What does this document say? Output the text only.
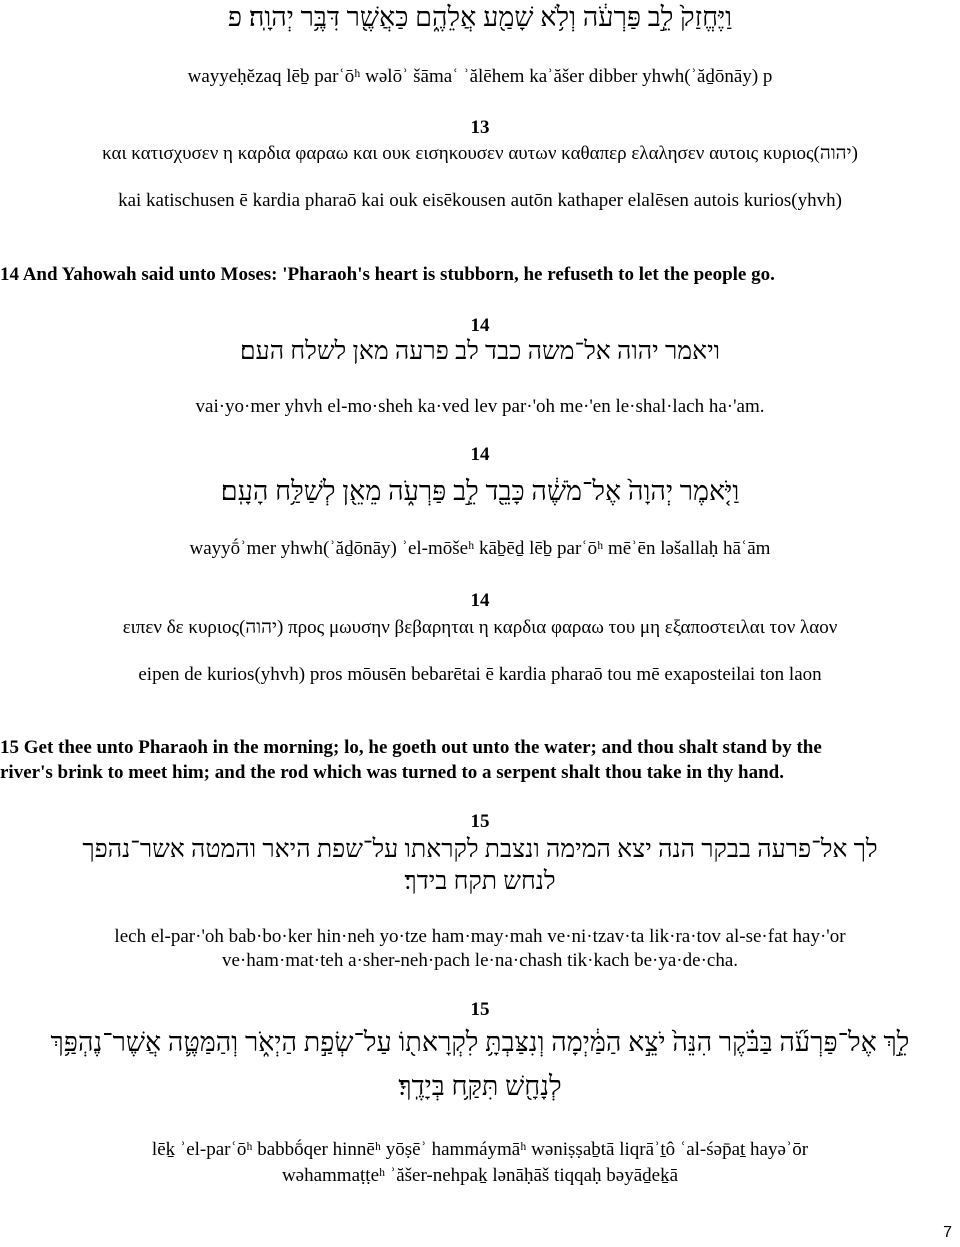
וַיֶּחֱזַק֙ לֵ֣ב פַּרְעֹ֔ה וְלֹ֥א שָׁמַ֖ע אֲלֵהֶ֑ם כַּאֲשֶׁ֖ר דִּבֶּ֥ר יְהוָֽה׃ פ
wayyeḥĕzaq lēḇ parʿōʰ wəlōʾ šāmaʿ ʾălēhem kaʾăšer dibber yhwh(ʾăḏōnāy) p
13
και κατισχυσεν η καρδια φαραω και ουκ εισηκουσεν αυτων καθαπερ ελαλησεν αυτοις κυριος(יהוה)
kai katischusen ē kardia pharaō kai ouk eisēkousen autōn kathaper elalēsen autois kurios(yhvh)
14 And Yahowah said unto Moses: 'Pharaoh's heart is stubborn, he refuseth to let the people go.
14
ויאמר יהוה אל־משה כבד לב פרעה מאן לשלח העם׃
vai·yo·mer yhvh el-mo·sheh ka·ved lev par·'oh me·'en le·shal·lach ha·'am.
14
וַיֹּ֤אמֶר יְהוָה֙ אֶל־מֹשֶׁ֔ה כָּבֵ֖ד לֵ֣ב פַּרְעֹ֑ה מֵאֵ֖ן לְשַׁלַּ֥ח הָעָֽם׃
wayyṓʾmer yhwh(ʾăḏōnāy) ʾel-mōšeʰ kāḇēḏ lēḇ parʿōʰ mēʾēn ləšallaḥ hāʿām
14
ειπεν δε κυριος(יהוה) προς μωυσην βεβαρηται η καρδια φαραω του μη εξαποστειλαι τον λαον
eipen de kurios(yhvh) pros mōusēn bebarētai ē kardia pharaō tou mē exaposteilai ton laon
15 Get thee unto Pharaoh in the morning; lo, he goeth out unto the water; and thou shalt stand by the
river's brink to meet him; and the rod which was turned to a serpent shalt thou take in thy hand.
15
לך אל־פרעה בבקר הנה יצא המימה ונצבת לקראתו על־שפת היאר והמטה אשר־נהפך
לנחש תקח בידך׃
lech el-par·'oh bab·bo·ker hin·neh yo·tze ham·may·mah ve·ni·tzav·ta lik·ra·tov al-se·fat hay·'or
ve·ham·mat·teh a·sher-neh·pach le·na·chash tik·kach be·ya·de·cha.
15
לֵ֣ךְ אֶל־פַּרְעֹ֞ה בַּבֹּ֗קֶר הִנֵּה֙ יֹצֵ֣א הַמַּ֔יְמָה וְנִצַּבְתָּ֥ לִקְרָאת֖וֹ עַל־שְׂפַ֣ת הַיְאֹ֑ר וְהַמַּטֶּ֛ה אֲשֶׁר־נֶהְפַּ֥ךְ
לְנָחָ֖שׁ תִּקַּ֥ח בְּיָדֶֽךָ׃
lēḵ ʾel-parʿōʰ babbṓqer hinnēʰ yōṣēʾ hammáymāʰ wəniṣṣaḇtā liqrāʾṯô ʿal-śəp̄aṯ hayəʾōr
wəhammaṭṭeʰ ʾăšer-nehpaḵ lənāḥāš tiqqaḥ bəyāḏeḵā
7
